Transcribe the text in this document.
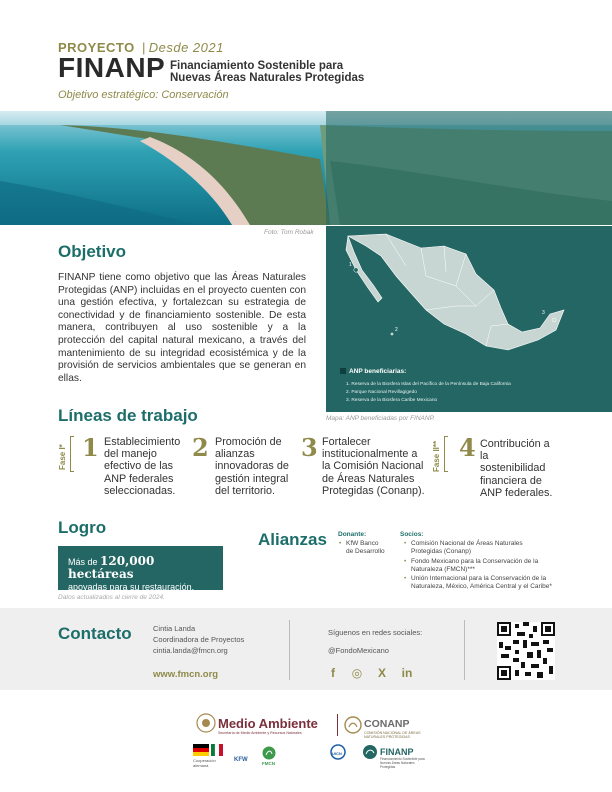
PROYECTO | Desde 2021
FINANP Financiamiento Sostenible para
Nuevas Áreas Naturales Protegidas
Objetivo estratégico: Conservación
Foto: Tom Robak
Objetivo
FINANP tiene como objetivo que las Áreas Naturales Protegidas (ANP) incluidas en el proyecto cuenten con una gestión efectiva, y fortalezcan su estrategia de conectividad y de financiamiento sostenible. De esta manera, contribuyen al uso sostenible y a la protección del capital natural mexicano, a través del mantenimiento de su integridad ecosistémica y de la provisión de servicios ambientales que se generan en ellas.
1
2
3
ANP beneficiarias:
1. Reserva de la Biosfera Islas del Pacífico de la Península de Baja California
2. Parque Nacional Revillagigedo
3. Reserva de la Biosfera Caribe Mexicano
Mapa: ANP beneficiadas por FINANP.
Líneas de trabajo
Fase I*	Fase II**
1 Establecimiento
del manejo
efectivo de las
ANP federales
seleccionadas.
2 Promoción de
alianzas
innovadoras de
gestión integral
del territorio.
3 Fortalecer
institucionalmente a
la Comisión Nacional
de Áreas Naturales
Protegidas (Conanp).
4 Contribución a
la
sostenibilidad
financiera de
ANP federales.
Logro
Más de 120,000 hectáreas
apoyadas para su restauración.
Datos actualizados al cierre de 2024.
Alianzas Donante:
• KfW Banco
de Desarrollo
Socios:
• Comisión Nacional de Áreas Naturales
Protegidas (Conanp)
• Fondo Mexicano para la Conservación de la
Naturaleza (FMCN)***
• Unión Internacional para la Conservación de la
Naturaleza, México, América Central y el Caribe*
Contacto	Cintia Landa
Coordinadora de Proyectos
cintia.landa@fmcn.org
www.fmcn.org
Síguenos en redes sociales:
@FondoMexicano
f	◎ X in
Medio Ambiente
Secretaría de Medio Ambiente y Recursos Naturales
CONANP
COMISIÓN NACIONAL DE ÁREAS NATURALES PROTEGIDAS
Cooperación alemana
KFW
FMCN
UICN	FINANP
Financiamiento Sostenible para Nuevas Áreas Naturales Protegidas
